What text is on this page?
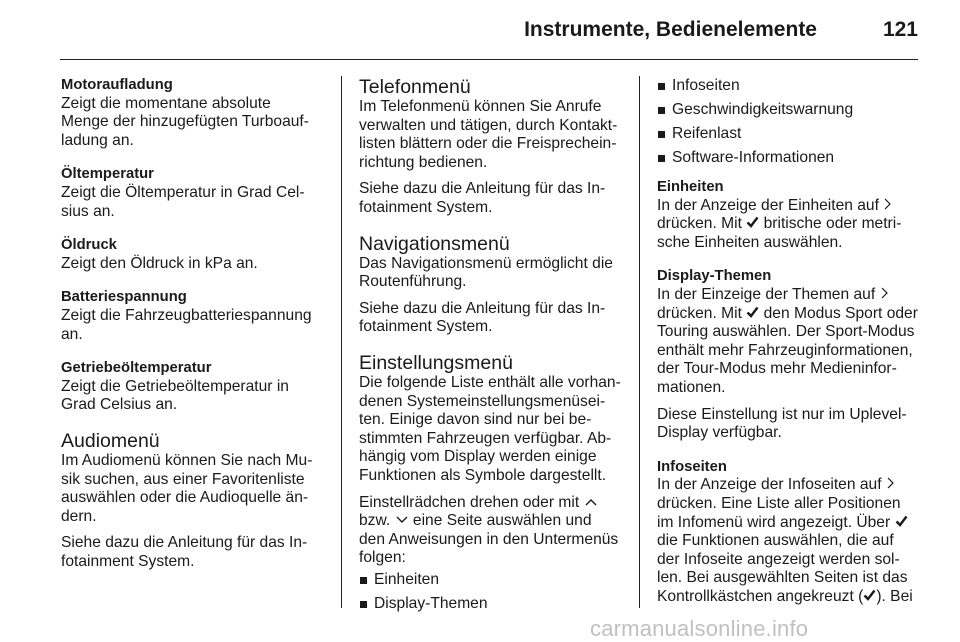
Instrumente, Bedienelemente	121

Motoraufladung

Zeigt die momentane absolute

Menge der hinzugefügten Turboauf-

ladung an.

Öltemperatur

Zeigt die Öltemperatur in Grad Cel-

sius an.

Öldruck

Zeigt den Öldruck in kPa an.

Batteriespannung

Zeigt die Fahrzeugbatteriespannung

an.

Getriebeöltemperatur

Zeigt die Getriebeöltemperatur in

Grad Celsius an.

Audiomenü

Im Audiomenü können Sie nach Mu-

sik suchen, aus einer Favoritenliste

auswählen oder die Audioquelle än-

dern.

Siehe dazu die Anleitung für das In-

fotainment System.

Telefonmenü

Im Telefonmenü können Sie Anrufe

verwalten und tätigen, durch Kontakt-

listen blättern oder die Freisprechein-

richtung bedienen.

Siehe dazu die Anleitung für das In-

fotainment System.

Navigationsmenü

Das Navigationsmenü ermöglicht die

Routenführung.

Siehe dazu die Anleitung für das In-

fotainment System.

Einstellungsmenü

Die folgende Liste enthält alle vorhan-

denen Systemeinstellungsmenüsei-

ten. Einige davon sind nur bei be-

stimmten Fahrzeugen verfügbar. Ab-

hängig vom Display werden einige

Funktionen als Symbole dargestellt.

Einstellrädchen drehen oder mit

bzw. eine Seite auswählen und

den Anweisungen in den Untermenüs

folgen:

Einheiten
Display-Themen
Infoseiten
Geschwindigkeitswarnung
Reifenlast
Software-Informationen

Einheiten

In der Anzeige der Einheiten auf

drücken. Mit britische oder metri-

sche Einheiten auswählen.

Display-Themen

In der Einzeige der Themen auf

drücken. Mit den Modus Sport oder

Touring auswählen. Der Sport-Modus

enthält mehr Fahrzeuginformationen,

der Tour-Modus mehr Medieninfor-

mationen.

Diese Einstellung ist nur im Uplevel-

Display verfügbar.

Infoseiten

In der Anzeige der Infoseiten auf

drücken. Eine Liste aller Positionen

im Infomenü wird angezeigt. Über

die Funktionen auswählen, die auf

der Infoseite angezeigt werden sol-

len. Bei ausgewählten Seiten ist das

Kontrollkästchen angekreuzt ( ). Bei

carmanualsonline.info
